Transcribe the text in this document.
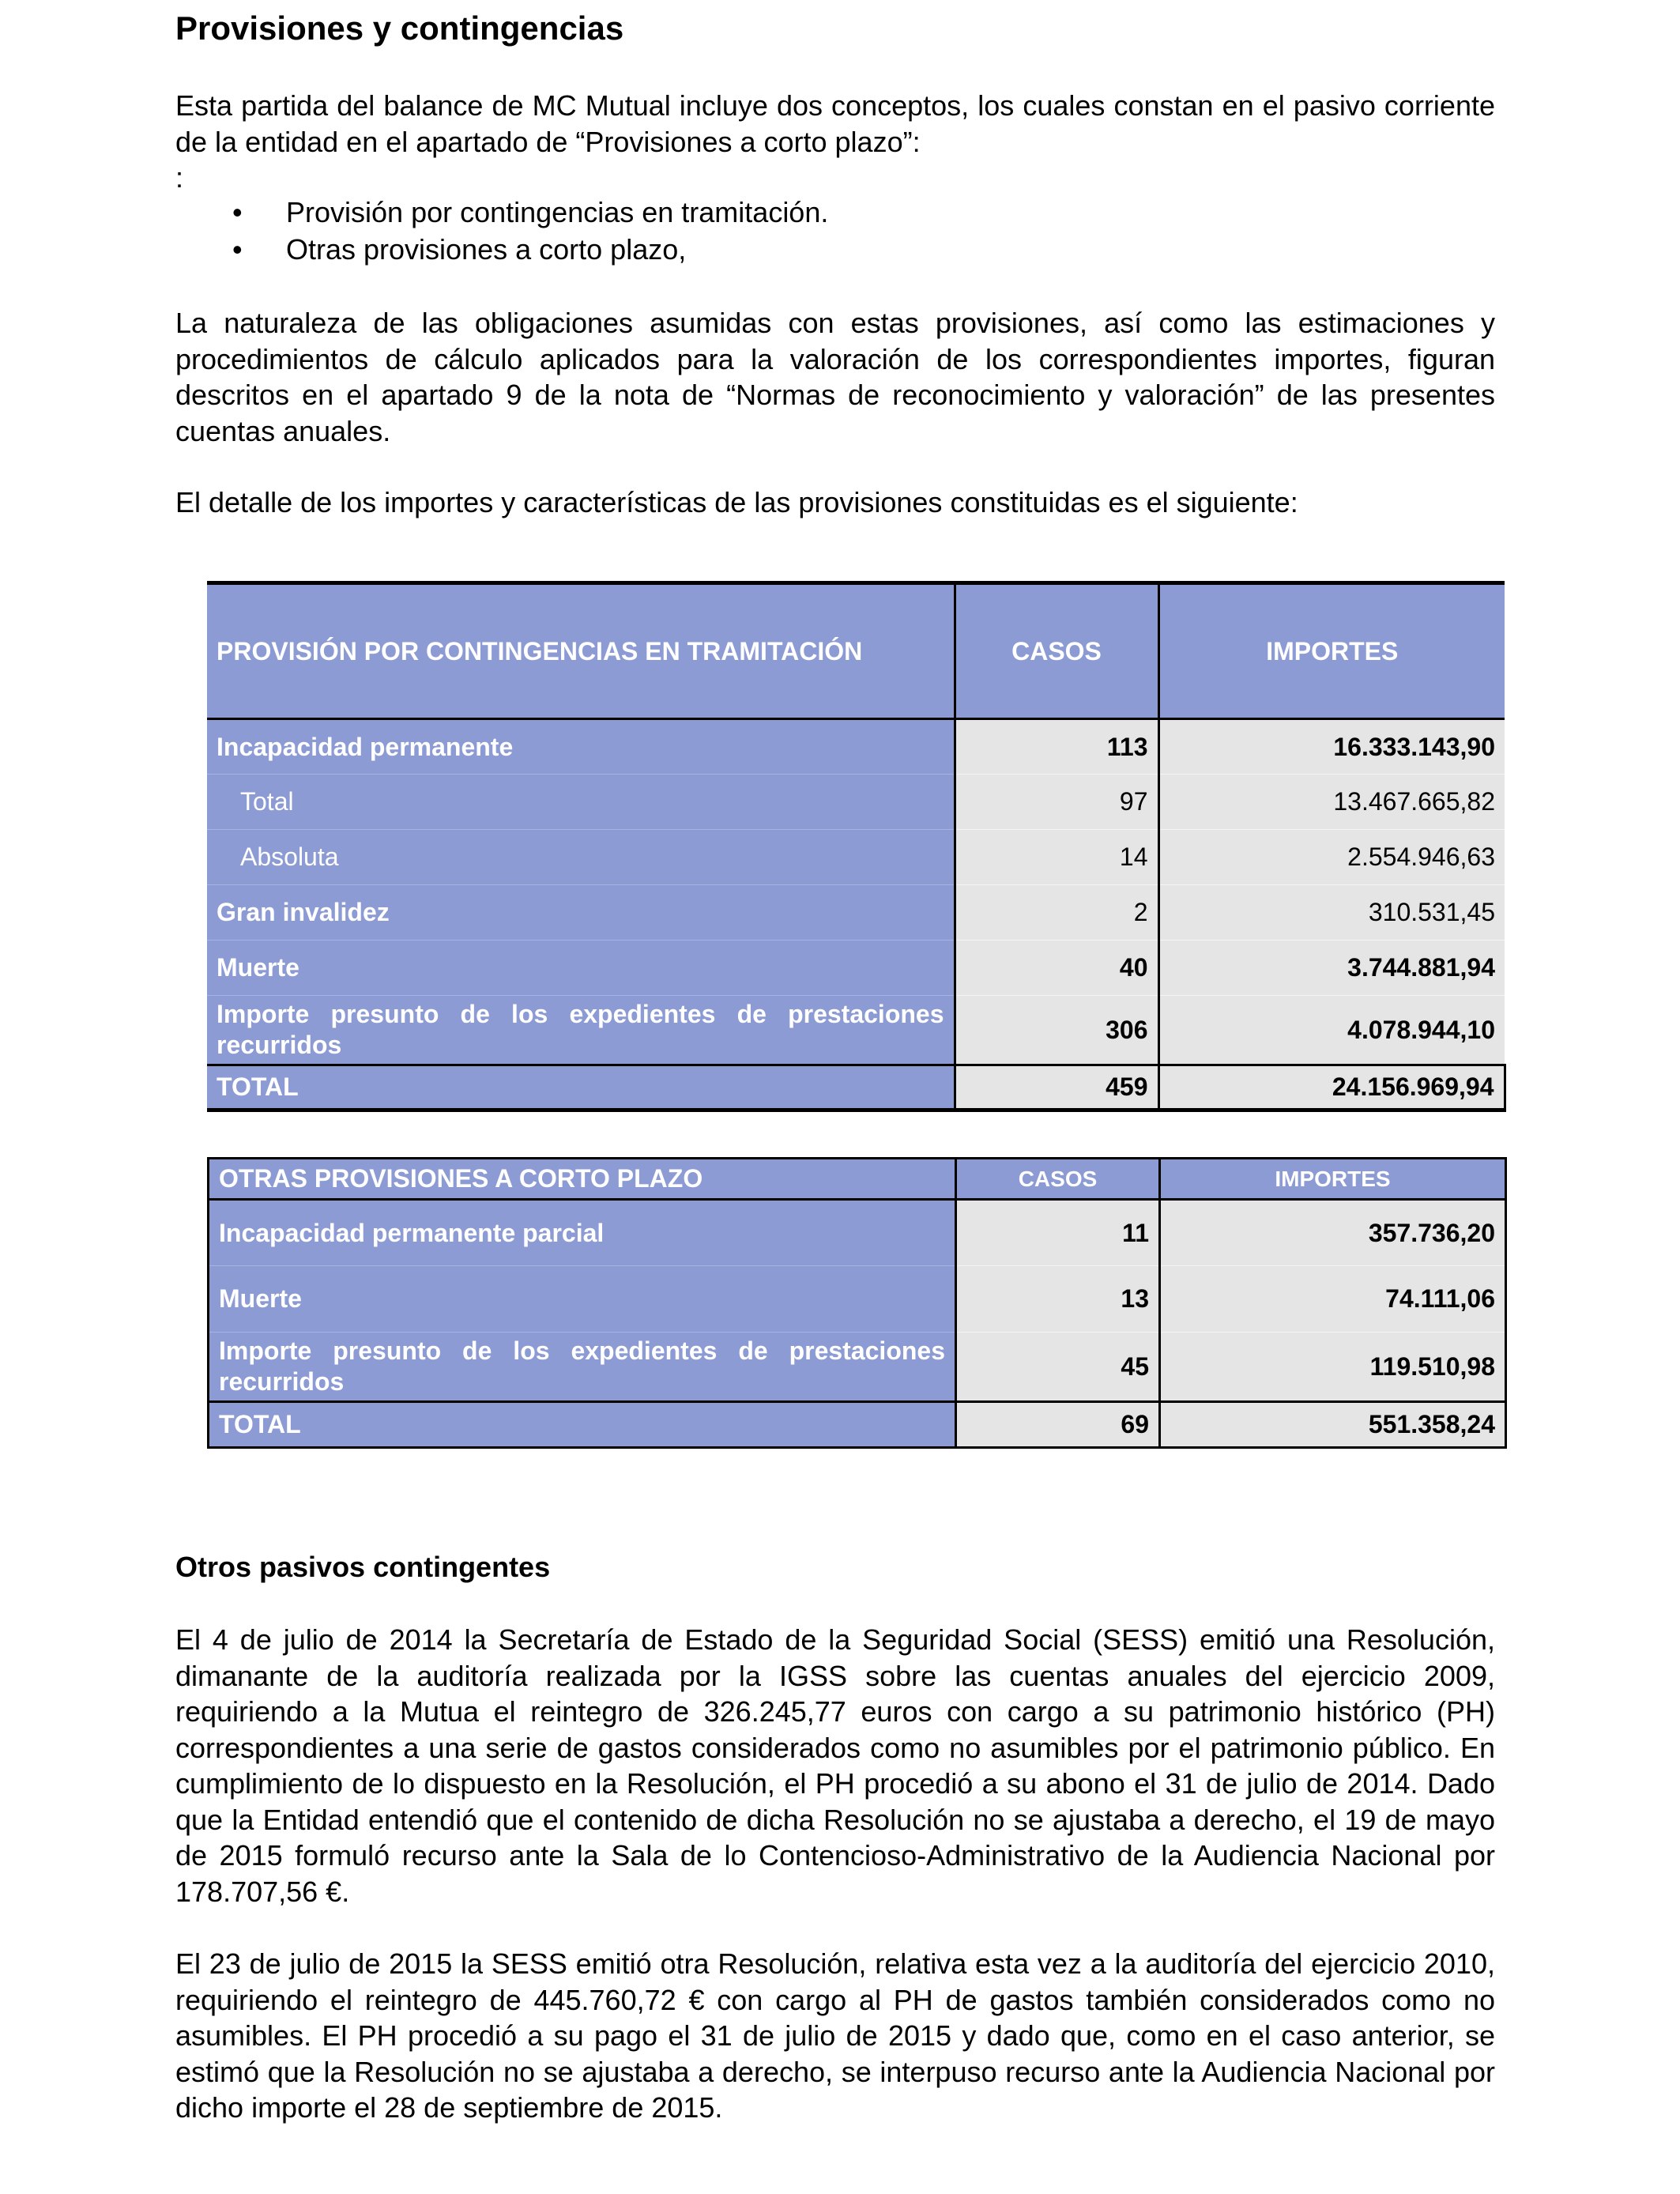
Provisiones y contingencias

Esta partida del balance de MC Mutual incluye dos conceptos, los cuales constan en el pasivo corriente de la entidad en el apartado de “Provisiones a corto plazo”:

:

• Provisión por contingencias en tramitación.
• Otras provisiones a corto plazo,

La naturaleza de las obligaciones asumidas con estas provisiones, así como las estimaciones y procedimientos de cálculo aplicados para la valoración de los correspondientes importes, figuran descritos en el apartado 9 de la nota de “Normas de reconocimiento y valoración” de las presentes cuentas anuales.

El detalle de los importes y características de las provisiones constituidas es el siguiente:

Otros pasivos contingentes

El 4 de julio de 2014 la Secretaría de Estado de la Seguridad Social (SESS) emitió una Resolución, dimanante de la auditoría realizada por la IGSS sobre las cuentas anuales del ejercicio 2009, requiriendo a la Mutua el reintegro de 326.245,77 euros con cargo a su patrimonio histórico (PH) correspondientes a una serie de gastos considerados como no asumibles por el patrimonio público. En cumplimiento de lo dispuesto en la Resolución, el PH procedió a su abono el 31 de julio de 2014. Dado que la Entidad entendió que el contenido de dicha Resolución no se ajustaba a derecho, el 19 de mayo de 2015 formuló recurso ante la Sala de lo Contencioso-Administrativo de la Audiencia Nacional por 178.707,56 €.

El 23 de julio de 2015 la SESS emitió otra Resolución, relativa esta vez a la auditoría del ejercicio 2010, requiriendo el reintegro de 445.760,72 € con cargo al PH de gastos también considerados como no asumibles. El PH procedió a su pago el 31 de julio de 2015 y dado que, como en el caso anterior, se estimó que la Resolución no se ajustaba a derecho, se interpuso recurso ante la Audiencia Nacional por dicho importe el 28 de septiembre de 2015.

PROVISIÓN POR CONTINGENCIAS EN TRAMITACIÓN	CASOS	IMPORTES
Incapacidad permanente	113	16.333.143,90
Total	97	13.467.665,82
Absoluta	14	2.554.946,63
Gran invalidez	2	310.531,45
Muerte	40	3.744.881,94

Importe presunto de los expedientes de prestaciones recurridos	306	4.078.944,10
TOTAL	459	24.156.969,94
OTRAS PROVISIONES A CORTO PLAZO	CASOS	IMPORTES
Incapacidad permanente parcial	11	357.736,20
Muerte	13	74.111,06

Importe presunto de los expedientes de prestaciones recurridos	45	119.510,98
TOTAL	69	551.358,24
